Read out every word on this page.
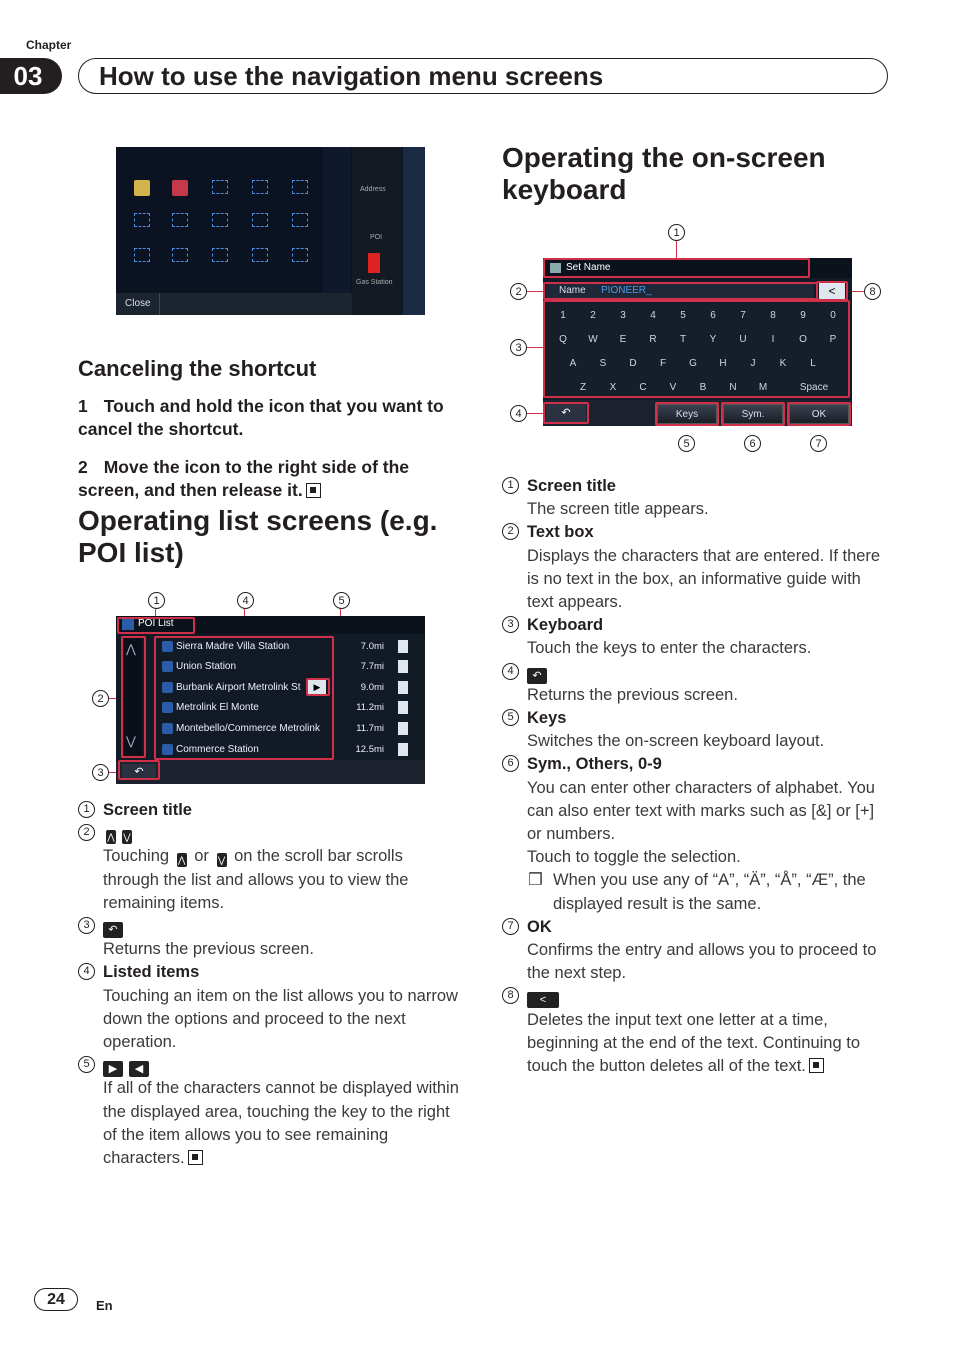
Chapter
03	How to use the navigation menu screens
Address
POI
Gas Station
Close
Canceling the shortcut
1 Touch and hold the icon that you want to cancel the shortcut.
2 Move the icon to the right side of the screen, and then release it.
Operating list screens (e.g. POI list)
1	4	5
2
3
POI List
⋀
⋁
Sierra Madre Villa Station	7.0mi
Union Station	7.7mi
Burbank Airport Metrolink St	9.0mi
Metrolink El Monte	11.2mi
Montebello/Commerce Metrolink	11.7mi
Commerce Station	12.5mi
▶
↶
1 Screen title
2	⋀ ⋁
Touching ⋀ or ⋁ on the scroll bar scrolls through the list and allows you to view the remaining items.
3	↶
Returns the previous screen.
4 Listed items
Touching an item on the list allows you to narrow down the options and proceed to the next operation.
5	▶ ◀
If all of the characters cannot be displayed within the displayed area, touching the key to the right of the item allows you to see remaining characters.
Operating the on-screen keyboard
1
2
3
4
5	6	7
8
Set Name
Name PIONEER_	<
↶	Keys	Sym.	OK
1	2	3	4	5	6	7	8	9	0
Q	W	E	R	T	Y	U	I	O	P
A	S	D	F	G	H	J	K	L
Z	X	C	V	B	N	M	Space
1 Screen title
The screen title appears.
2 Text box
Displays the characters that are entered. If there is no text in the box, an informative guide with text appears.
3 Keyboard
Touch the keys to enter the characters.
4	↶
Returns the previous screen.
5 Keys
Switches the on-screen keyboard layout.
6 Sym., Others, 0-9
You can enter other characters of alphabet. You can also enter text with marks such as [&] or [+] or numbers.
Touch to toggle the selection.
❒ When you use any of “A”, “Ä”, “Å”, “Æ”, the displayed result is the same.
7 OK
Confirms the entry and allows you to proceed to the next step.
8	<
Deletes the input text one letter at a time, beginning at the end of the text. Continuing to touch the button deletes all of the text.
24	En
